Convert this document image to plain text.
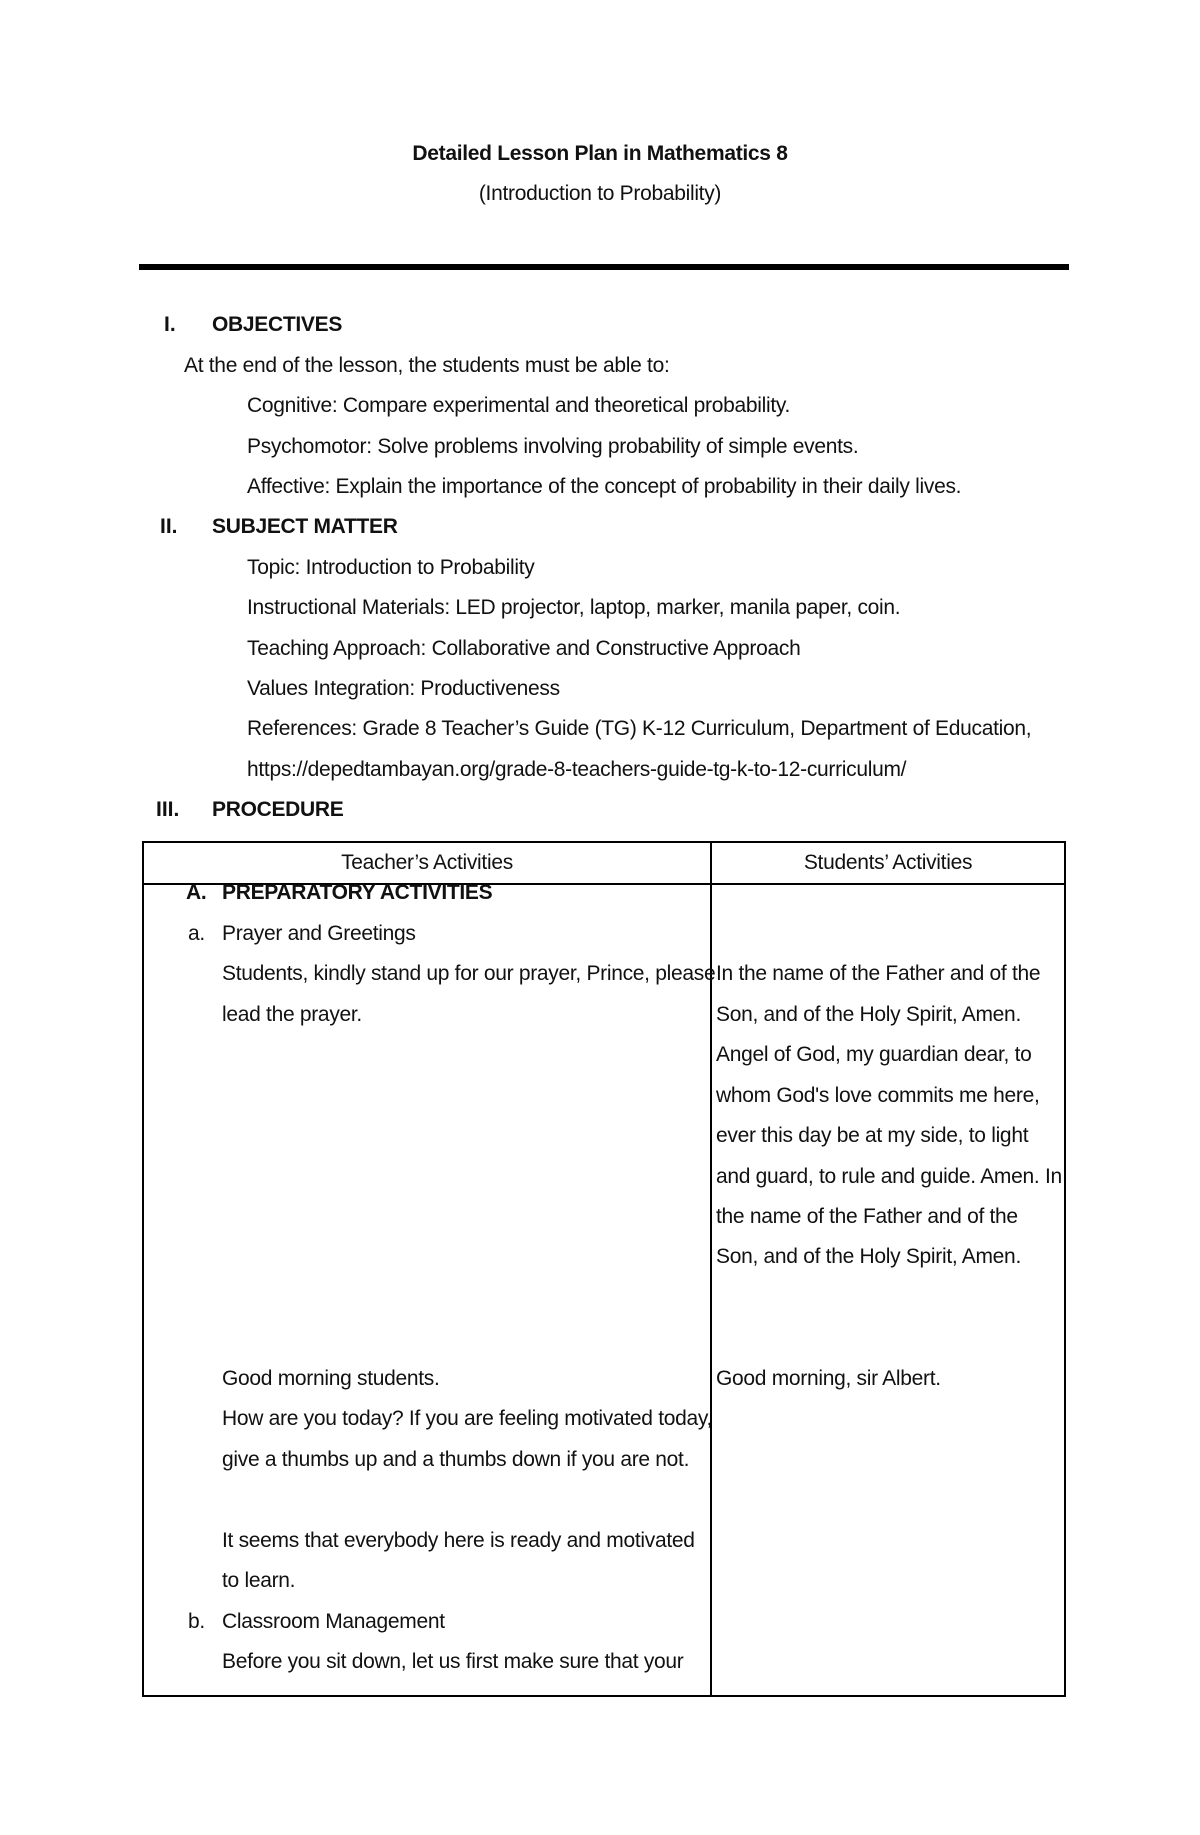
Detailed Lesson Plan in Mathematics 8
(Introduction to Probability)
I. OBJECTIVES
At the end of the lesson, the students must be able to:
Cognitive: Compare experimental and theoretical probability.
Psychomotor: Solve problems involving probability of simple events.
Affective: Explain the importance of the concept of probability in their daily lives.
II. SUBJECT MATTER
Topic: Introduction to Probability
Instructional Materials: LED projector, laptop, marker, manila paper, coin.
Teaching Approach: Collaborative and Constructive Approach
Values Integration: Productiveness
References: Grade 8 Teacher’s Guide (TG) K-12 Curriculum, Department of Education,
https://depedtambayan.org/grade-8-teachers-guide-tg-k-to-12-curriculum/
III. PROCEDURE
Teacher’s Activities	Students’ Activities
A. PREPARATORY ACTIVITIES
a. Prayer and Greetings
Students, kindly stand up for our prayer, Prince, please
lead the prayer.
In the name of the Father and of the
Son, and of the Holy Spirit, Amen.
Angel of God, my guardian dear, to
whom God's love commits me here,
ever this day be at my side, to light
and guard, to rule and guide. Amen. In
the name of the Father and of the
Son, and of the Holy Spirit, Amen.
Good morning students.	Good morning, sir Albert.
How are you today? If you are feeling motivated today,
give a thumbs up and a thumbs down if you are not.
It seems that everybody here is ready and motivated
to learn.
b. Classroom Management
Before you sit down, let us first make sure that your
